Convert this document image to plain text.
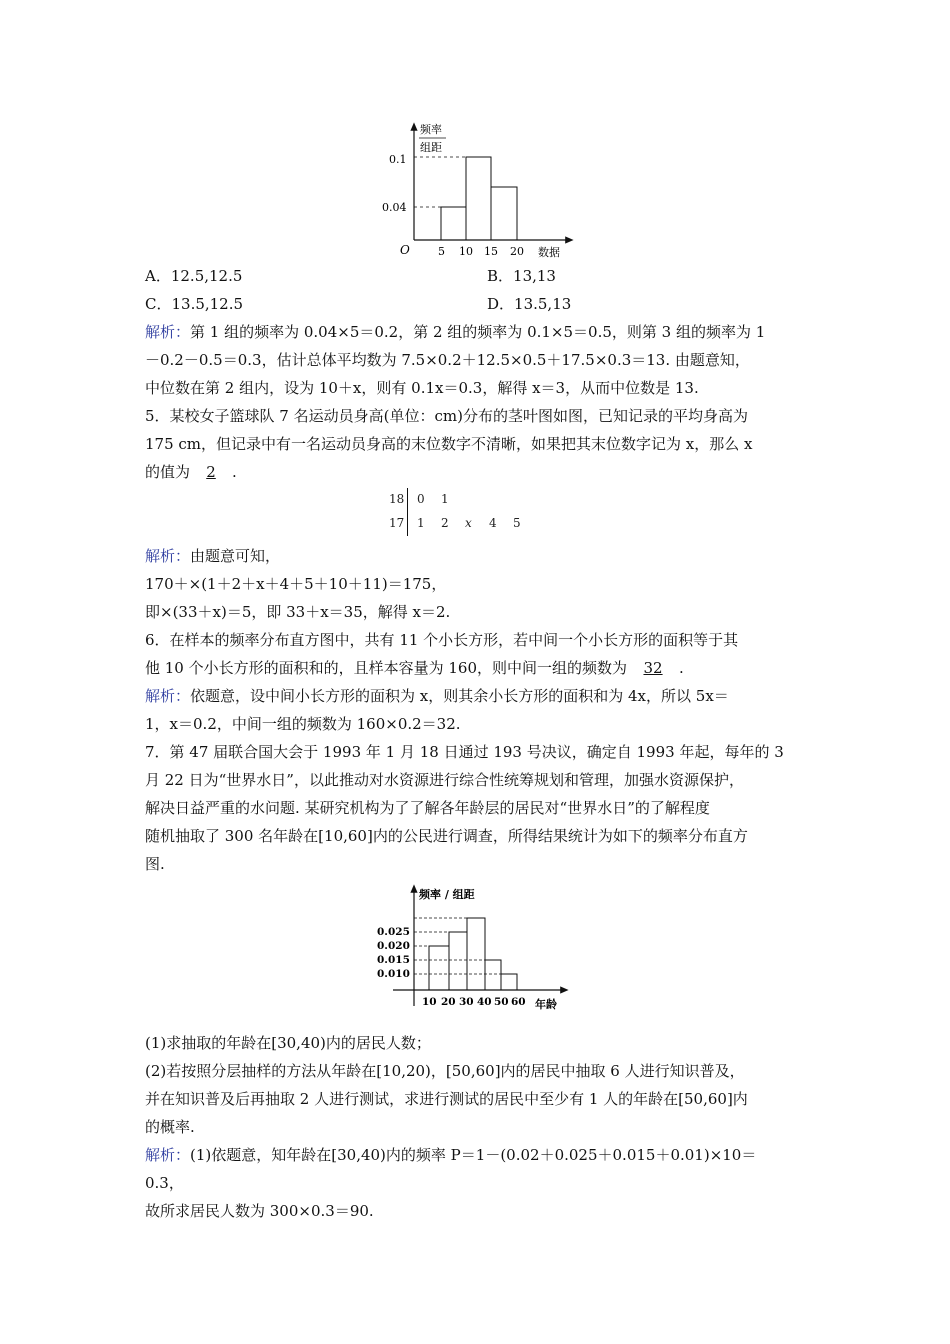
频率
组距
O
0.1
0.04
5 10 15 20 数据
A．12.5,12.5	B．13,13
C．13.5,12.5	D．13.5,13
解析：第 1 组的频率为 0.04×5＝0.2，第 2 组的频率为 0.1×5＝0.5，则第 3 组的频率为 1
－0.2－0.5＝0.3，估计总体平均数为 7.5×0.2＋12.5×0.5＋17.5×0.3＝13. 由题意知，
中位数在第 2 组内，设为 10＋x，则有 0.1x＝0.3，解得 x＝3，从而中位数是 13.
5．某校女子篮球队 7 名运动员身高(单位：cm)分布的茎叶图如图，已知记录的平均身高为
175 cm，但记录中有一名运动员身高的末位数字不清晰，如果把其末位数字记为 x，那么 x
的值为 2 .
18 0 1
17 1 2 x 4 5
解析：由题意可知，
170＋×(1＋2＋x＋4＋5＋10＋11)＝175，
即×(33＋x)＝5，即 33＋x＝35，解得 x＝2.
6．在样本的频率分布直方图中，共有 11 个小长方形，若中间一个小长方形的面积等于其
他 10 个小长方形的面积和的，且样本容量为 160，则中间一组的频数为 32 .
解析：依题意，设中间小长方形的面积为 x，则其余小长方形的面积和为 4x，所以 5x＝
1，x＝0.2，中间一组的频数为 160×0.2＝32.
7．第 47 届联合国大会于 1993 年 1 月 18 日通过 193 号决议，确定自 1993 年起，每年的 3
月 22 日为“世界水日”，以此推动对水资源进行综合性统筹规划和管理，加强水资源保护，
解决日益严重的水问题. 某研究机构为了了解各年龄层的居民对“世界水日”的了解程度
随机抽取了 300 名年龄在[10,60]内的公民进行调查，所得结果统计为如下的频率分布直方
图.
频率 / 组距
0.025
0.020
0.015
0.010
10 20 30 40 50 60 年龄
(1)求抽取的年龄在[30,40)内的居民人数；
(2)若按照分层抽样的方法从年龄在[10,20)，[50,60]内的居民中抽取 6 人进行知识普及，
并在知识普及后再抽取 2 人进行测试，求进行测试的居民中至少有 1 人的年龄在[50,60]内
的概率.
解析：(1)依题意，知年龄在[30,40)内的频率 P＝1－(0.02＋0.025＋0.015＋0.01)×10＝
0.3，
故所求居民人数为 300×0.3＝90.
